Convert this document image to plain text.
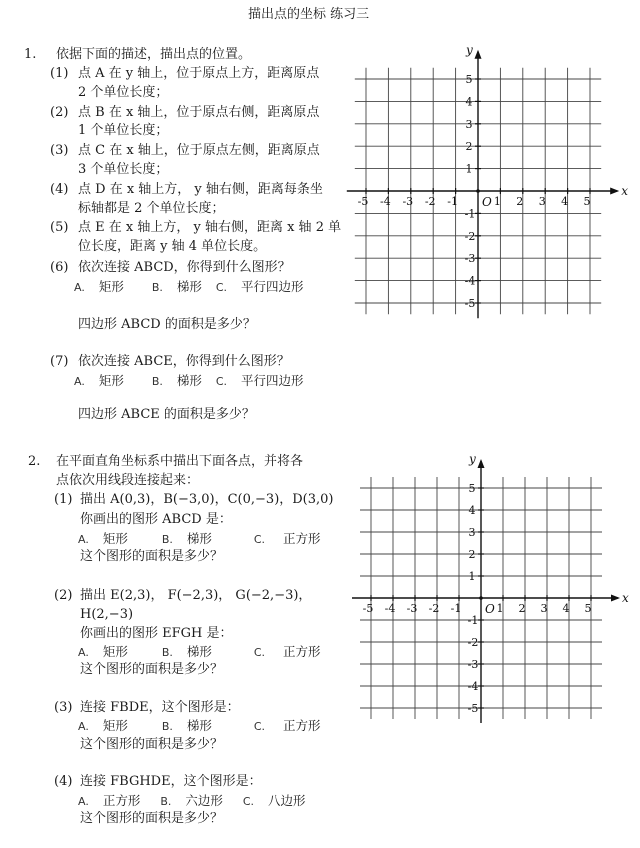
描出点的坐标 练习三
1. 依据下面的描述，描出点的位置。
(1) 点 A 在 y 轴上，位于原点上方，距离原点
2 个单位长度；
(2) 点 B 在 x 轴上，位于原点右侧，距离原点
1 个单位长度；
(3) 点 C 在 x 轴上，位于原点左侧，距离原点
3 个单位长度；
(4) 点 D 在 x 轴上方， y 轴右侧，距离每条坐
标轴都是 2 个单位长度；
(5) 点 E 在 x 轴上方， y 轴右侧，距离 x 轴 2 单
位长度，距离 y 轴 4 单位长度。
(6) 依次连接 ABCD，你得到什么图形？
A. 矩形	B. 梯形 C. 平行四边形
四边形 ABCD 的面积是多少？
(7) 依次连接 ABCE，你得到什么图形？
A. 矩形	B. 梯形 C. 平行四边形
四边形 ABCE 的面积是多少？
2. 在平面直角坐标系中描出下面各点，并将各
点依次用线段连接起来：
(1) 描出 A(0,3)，B(−3,0)，C(0,−3)，D(3,0)
你画出的图形 ABCD 是：
A. 矩形	B. 梯形	C. 正方形
这个图形的面积是多少？
(2) 描出 E(2,3)， F(−2,3)， G(−2,−3)，
H(2,−3)
你画出的图形 EFGH 是：
A. 矩形	B. 梯形	C. 正方形
这个图形的面积是多少？
(3) 连接 FBDE，这个图形是：
A. 矩形	B. 梯形	C. 正方形
这个图形的面积是多少？
(4) 连接 FBGHDE，这个图形是：
A. 正方形 B. 六边形 C. 八边形
这个图形的面积是多少？
x
y
O
-5 -4 -3 -2 -1	1 2 3 4 5
5
4
3
2
1
-1
-2
-3
-4
-5
x
y
O
-5 -4 -3 -2 -1	1 2 3 4 5
5
4
3
2
1
-1
-2
-3
-4
-5
